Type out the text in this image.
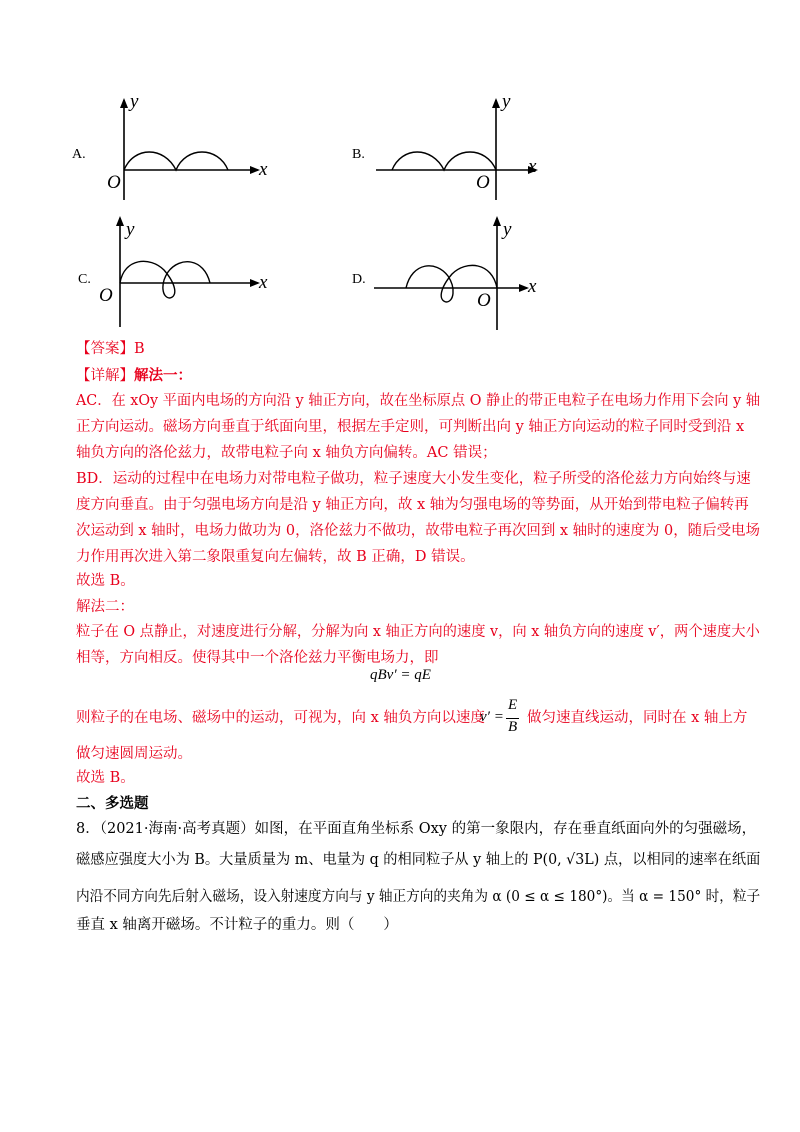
A.
O
x
y
B.
O
x
y
C.
O
x
y
D.
O
x
y
【答案】B
【详解】解法一：
AC．在 xOy 平面内电场的方向沿 y 轴正方向，故在坐标原点 O 静止的带正电粒子在电场力作用下会向 y 轴
正方向运动。磁场方向垂直于纸面向里，根据左手定则，可判断出向 y 轴正方向运动的粒子同时受到沿 x
轴负方向的洛伦兹力，故带电粒子向 x 轴负方向偏转。AC 错误；
BD．运动的过程中在电场力对带电粒子做功，粒子速度大小发生变化，粒子所受的洛伦兹力方向始终与速
度方向垂直。由于匀强电场方向是沿 y 轴正方向，故 x 轴为匀强电场的等势面，从开始到带电粒子偏转再
次运动到 x 轴时，电场力做功为 0，洛伦兹力不做功，故带电粒子再次回到 x 轴时的速度为 0，随后受电场
力作用再次进入第二象限重复向左偏转，故 B 正确，D 错误。
故选 B。
解法二：
粒子在 O 点静止，对速度进行分解，分解为向 x 轴正方向的速度 v，向 x 轴负方向的速度 v′，两个速度大小
相等，方向相反。使得其中一个洛伦兹力平衡电场力，即
qBv′ = qE
则粒子的在电场、磁场中的运动，可视为，向 x 轴负方向以速度
v′ =
E
B
做匀速直线运动，同时在 x 轴上方
做匀速圆周运动。
故选 B。
二、多选题
8．（2021·海南·高考真题）如图，在平面直角坐标系 Oxy 的第一象限内，存在垂直纸面向外的匀强磁场，
磁感应强度大小为 B。大量质量为 m、电量为 q 的相同粒子从 y 轴上的 P(0, √3L) 点，以相同的速率在纸面
内沿不同方向先后射入磁场，设入射速度方向与 y 轴正方向的夹角为 α (0 ≤ α ≤ 180°)。当 α = 150° 时，粒子
垂直 x 轴离开磁场。不计粒子的重力。则（　　）
